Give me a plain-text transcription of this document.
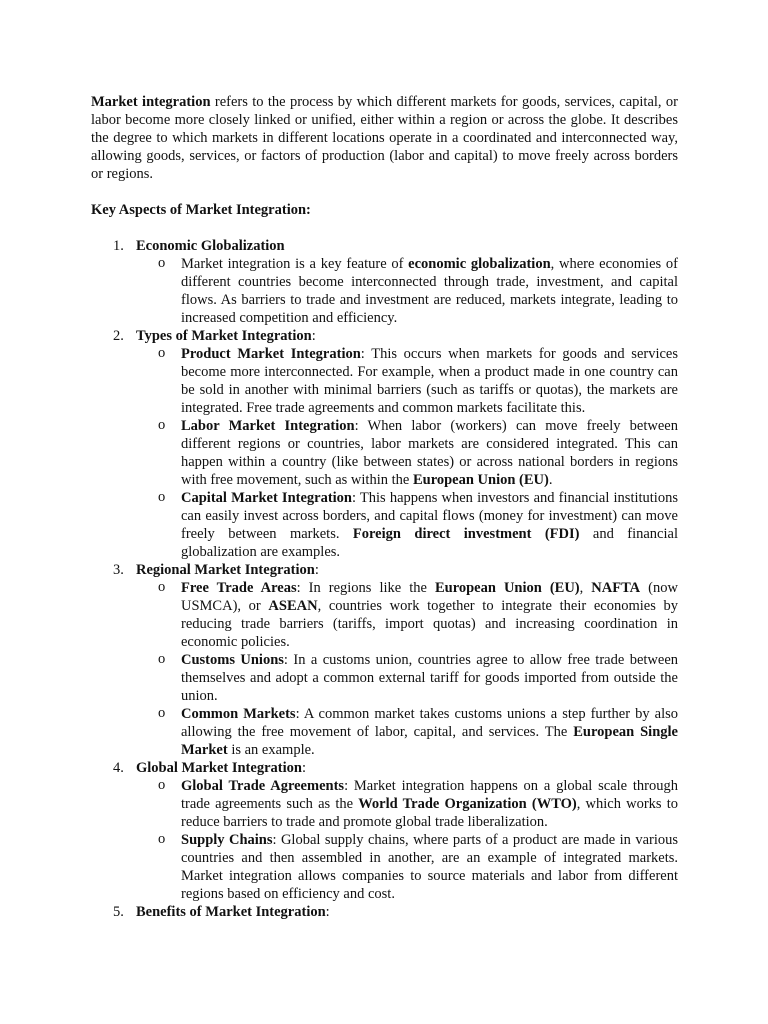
Market integration refers to the process by which different markets for goods, services, capital, or labor become more closely linked or unified, either within a region or across the globe. It describes the degree to which markets in different locations operate in a coordinated and interconnected way, allowing goods, services, or factors of production (labor and capital) to move freely across borders or regions.

Key Aspects of Market Integration:

1. Economic Globalization
o Market integration is a key feature of economic globalization, where economies of different countries become interconnected through trade, investment, and capital flows. As barriers to trade and investment are reduced, markets integrate, leading to increased competition and efficiency.
2. Types of Market Integration:
o Product Market Integration: This occurs when markets for goods and services become more interconnected. For example, when a product made in one country can be sold in another with minimal barriers (such as tariffs or quotas), the markets are integrated. Free trade agreements and common markets facilitate this.
o Labor Market Integration: When labor (workers) can move freely between different regions or countries, labor markets are considered integrated. This can happen within a country (like between states) or across national borders in regions with free movement, such as within the European Union (EU).
o Capital Market Integration: This happens when investors and financial institutions can easily invest across borders, and capital flows (money for investment) can move freely between markets. Foreign direct investment (FDI) and financial globalization are examples.
3. Regional Market Integration:
o Free Trade Areas: In regions like the European Union (EU), NAFTA (now USMCA), or ASEAN, countries work together to integrate their economies by reducing trade barriers (tariffs, import quotas) and increasing coordination in economic policies.
o Customs Unions: In a customs union, countries agree to allow free trade between themselves and adopt a common external tariff for goods imported from outside the union.
o Common Markets: A common market takes customs unions a step further by also allowing the free movement of labor, capital, and services. The European Single Market is an example.
4. Global Market Integration:
o Global Trade Agreements: Market integration happens on a global scale through trade agreements such as the World Trade Organization (WTO), which works to reduce barriers to trade and promote global trade liberalization.
o Supply Chains: Global supply chains, where parts of a product are made in various countries and then assembled in another, are an example of integrated markets. Market integration allows companies to source materials and labor from different regions based on efficiency and cost.
5. Benefits of Market Integration:
